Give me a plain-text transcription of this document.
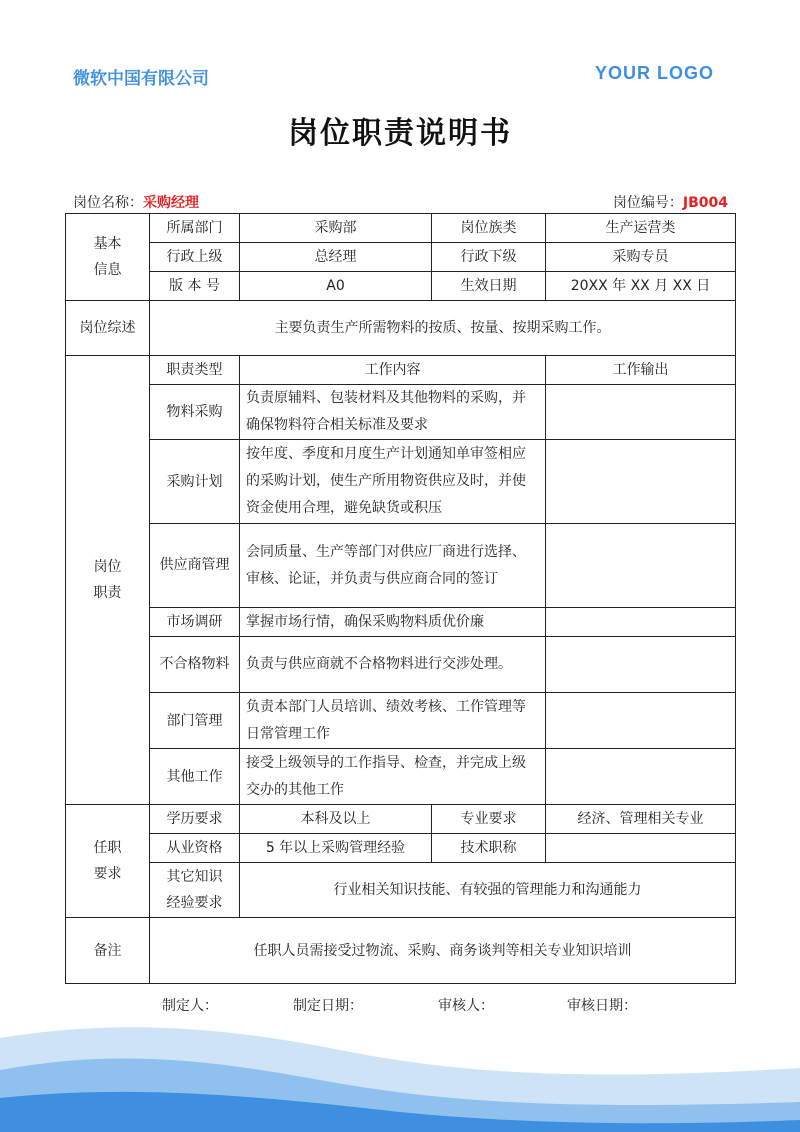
微软中国有限公司	YOUR LOGO
岗位职责说明书
岗位名称：采购经理	岗位编号：JB004
基本信息	所属部门	采购部	岗位族类	生产运营类
	行政上级	总经理	行政下级	采购专员
	版 本 号	A0	生效日期	20XX 年 XX 月 XX 日
岗位综述	主要负责生产所需物料的按质、按量、按期采购工作。			
岗位职责	职责类型	工作内容		工作输出
	物料采购	负责原辅料、包装材料及其他物料的采购，并确保物料符合相关标准及要求		
	采购计划	按年度、季度和月度生产计划通知单审签相应的采购计划，使生产所用物资供应及时，并使资金使用合理，避免缺货或积压		
	供应商管理	会同质量、生产等部门对供应厂商进行选择、审核、论证，并负责与供应商合同的签订		
	市场调研	掌握市场行情，确保采购物料质优价廉		
	不合格物料	负责与供应商就不合格物料进行交涉处理。		
	部门管理	负责本部门人员培训、绩效考核、工作管理等日常管理工作		
	其他工作	接受上级领导的工作指导、检查，并完成上级交办的其他工作		
任职要求	学历要求	本科及以上	专业要求	经济、管理相关专业
	从业资格	5 年以上采购管理经验	技术职称	
	其它知识经验要求	行业相关知识技能、有较强的管理能力和沟通能力		
备注	任职人员需接受过物流、采购、商务谈判等相关专业知识培训			
制定人：	制定日期：	审核人：	审核日期：
